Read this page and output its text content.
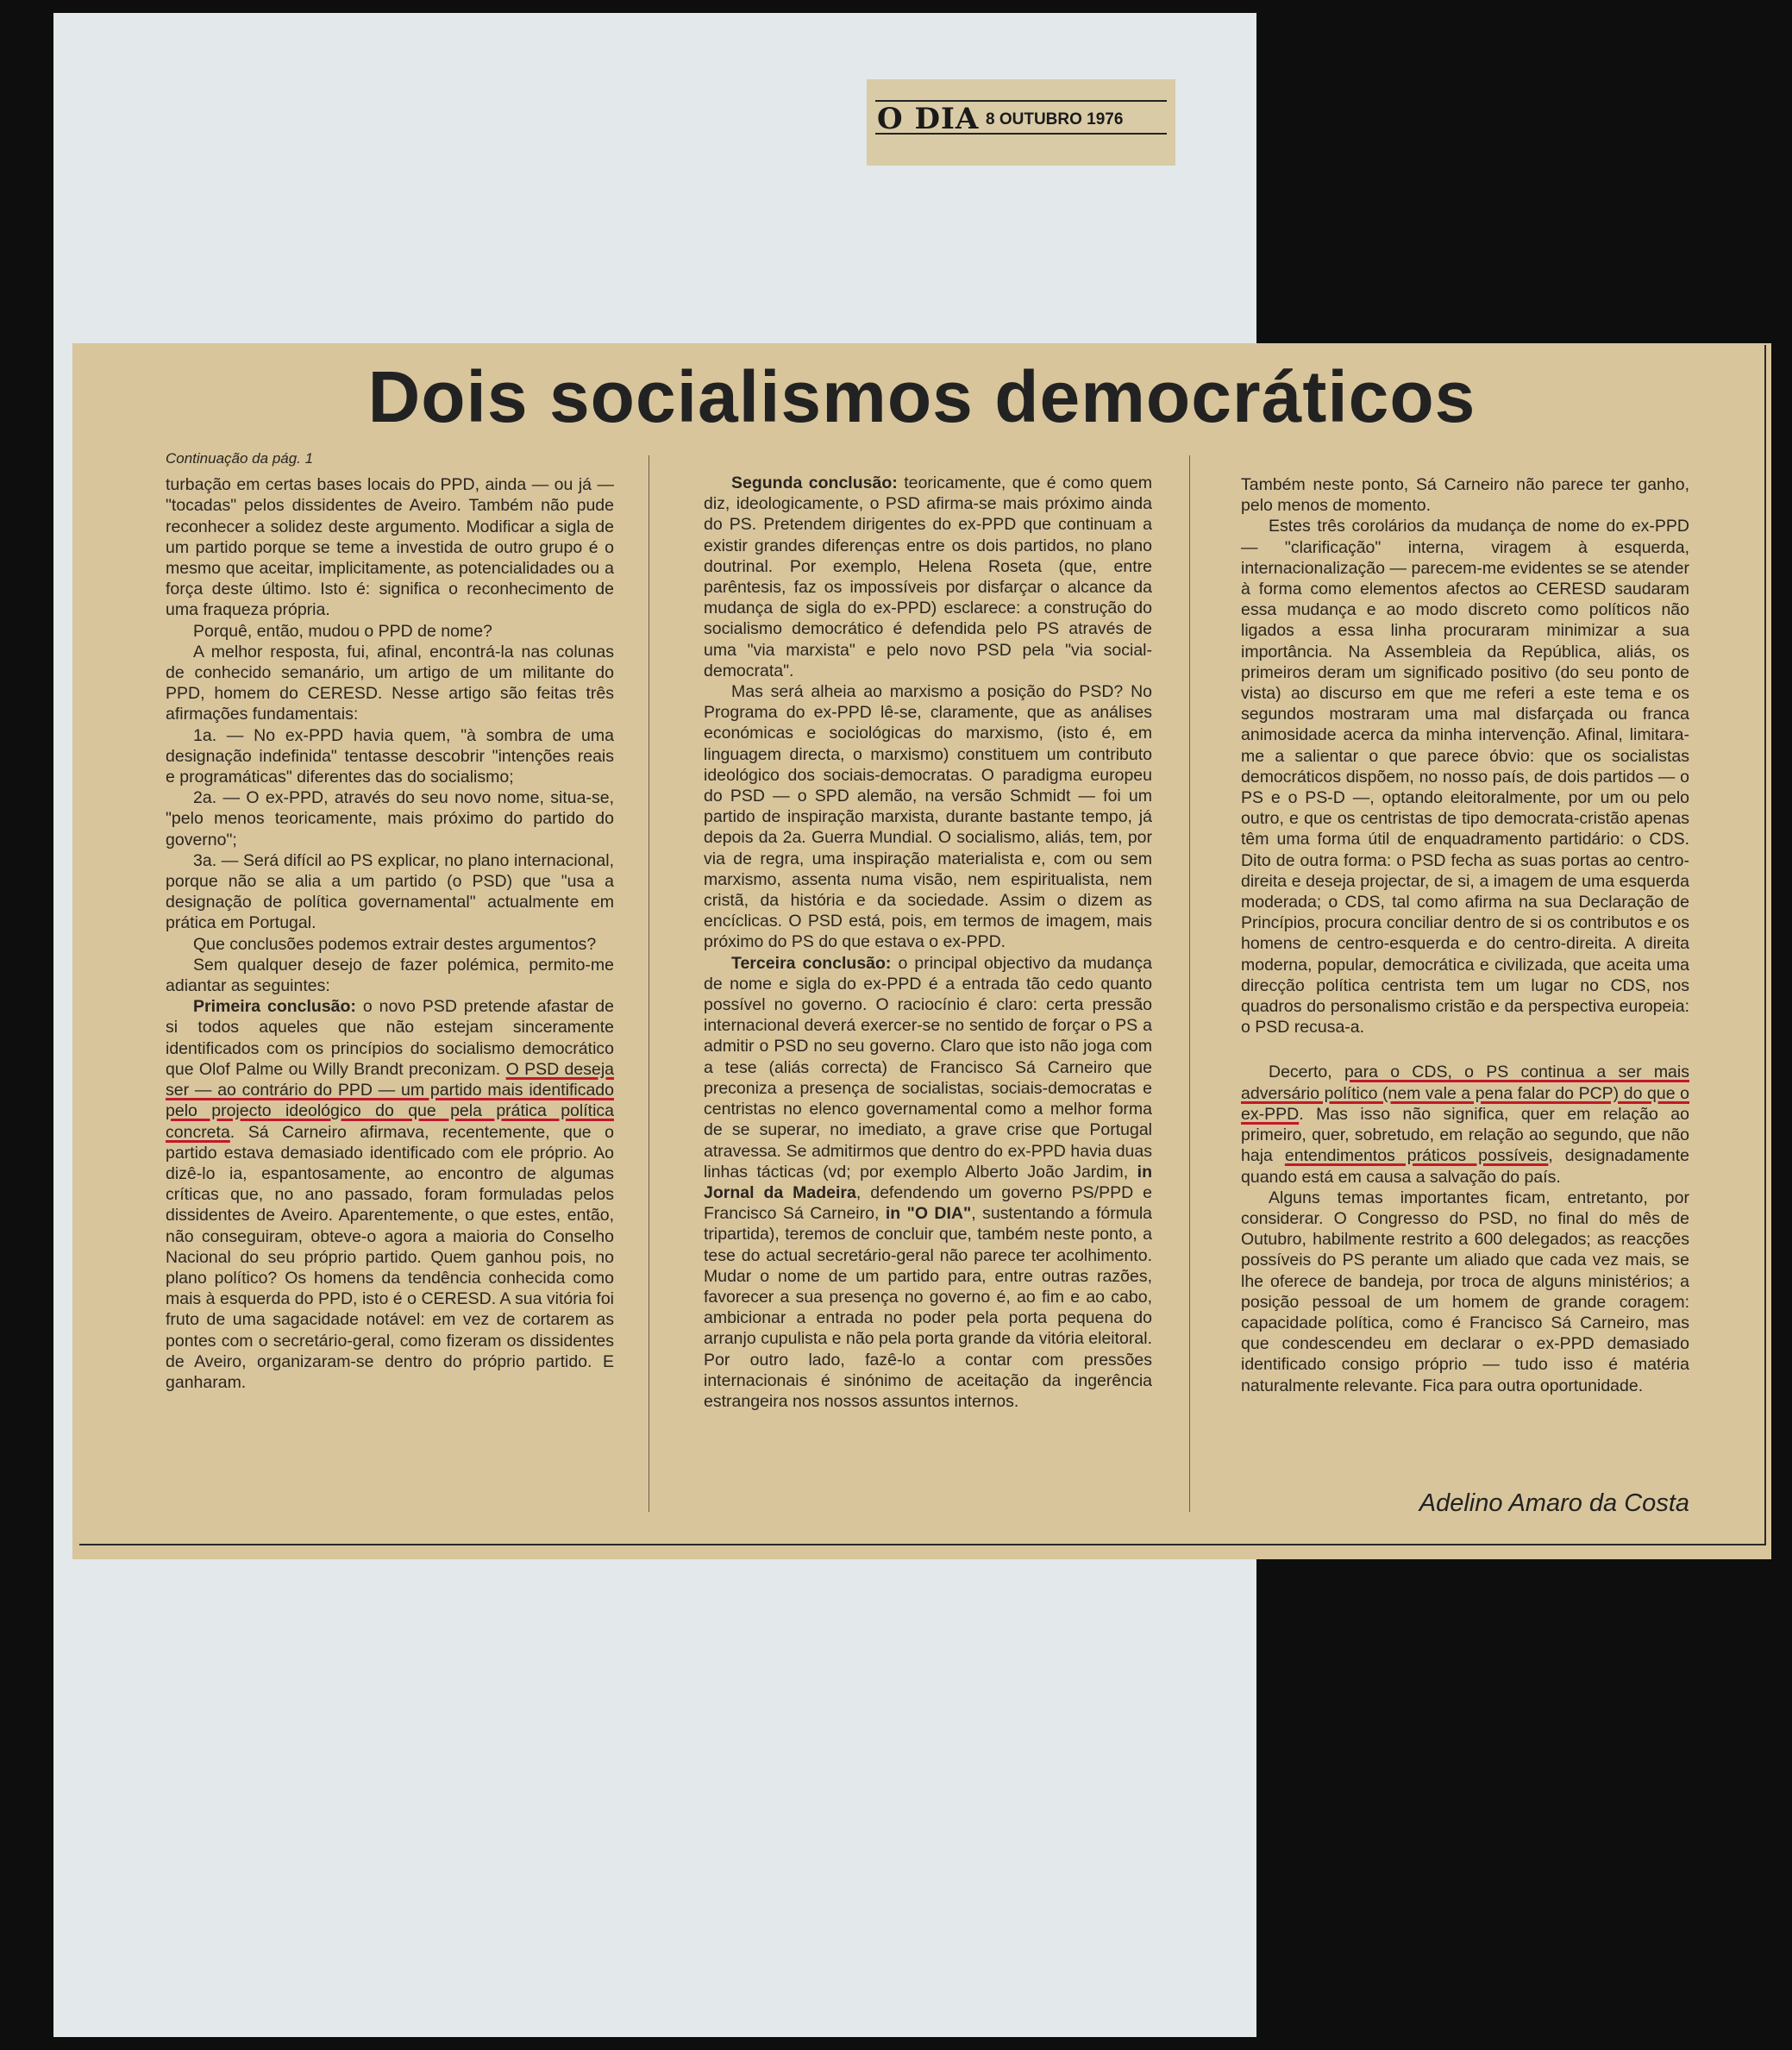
O DIA 8 OUTUBRO 1976
Dois socialismos democráticos

Continuação da pág. 1

turbação em certas bases locais do PPD, ainda — ou já — "tocadas" pelos dissidentes de Aveiro. Também não pude reconhecer a solidez deste argumento. Modificar a sigla de um partido porque se teme a investida de outro grupo é o mesmo que aceitar, implicitamente, as potencialidades ou a força deste último. Isto é: significa o reconhecimento de uma fraqueza própria.

Porquê, então, mudou o PPD de nome?

A melhor resposta, fui, afinal, encontrá-la nas colunas de conhecido semanário, um artigo de um militante do PPD, homem do CERESD. Nesse artigo são feitas três afirmações fundamentais:

1a. — No ex-PPD havia quem, "à sombra de uma designação indefinida" tentasse descobrir "intenções reais e programáticas" diferentes das do socialismo;

2a. — O ex-PPD, através do seu novo nome, situa-se, "pelo menos teoricamente, mais próximo do partido do governo";

3a. — Será difícil ao PS explicar, no plano internacional, porque não se alia a um partido (o PSD) que "usa a designação de política governamental" actualmente em prática em Portugal.

Que conclusões podemos extrair destes argumentos?

Sem qualquer desejo de fazer polémica, permito-me adiantar as seguintes:

Primeira conclusão: o novo PSD pretende afastar de si todos aqueles que não estejam sinceramente identificados com os princípios do socialismo democrático que Olof Palme ou Willy Brandt preconizam. O PSD deseja ser — ao contrário do PPD — um partido mais identificado pelo projecto ideológico do que pela prática política concreta. Sá Carneiro afirmava, recentemente, que o partido estava demasiado identificado com ele próprio. Ao dizê-lo ia, espantosamente, ao encontro de algumas críticas que, no ano passado, foram formuladas pelos dissidentes de Aveiro. Aparentemente, o que estes, então, não conseguiram, obteve-o agora a maioria do Conselho Nacional do seu próprio partido. Quem ganhou pois, no plano político? Os homens da tendência conhecida como mais à esquerda do PPD, isto é o CERESD. A sua vitória foi fruto de uma sagacidade notável: em vez de cortarem as pontes com o secretário-geral, como fizeram os dissidentes de Aveiro, organizaram-se dentro do próprio partido. E ganharam.

Segunda conclusão: teoricamente, que é como quem diz, ideologicamente, o PSD afirma-se mais próximo ainda do PS. Pretendem dirigentes do ex-PPD que continuam a existir grandes diferenças entre os dois partidos, no plano doutrinal. Por exemplo, Helena Roseta (que, entre parêntesis, faz os impossíveis por disfarçar o alcance da mudança de sigla do ex-PPD) esclarece: a construção do socialismo democrático é defendida pelo PS através de uma "via marxista" e pelo novo PSD pela "via social-democrata".

Mas será alheia ao marxismo a posição do PSD? No Programa do ex-PPD lê-se, claramente, que as análises económicas e sociológicas do marxismo, (isto é, em linguagem directa, o marxismo) constituem um contributo ideológico dos sociais-democratas. O paradigma europeu do PSD — o SPD alemão, na versão Schmidt — foi um partido de inspiração marxista, durante bastante tempo, já depois da 2a. Guerra Mundial. O socialismo, aliás, tem, por via de regra, uma inspiração materialista e, com ou sem marxismo, assenta numa visão, nem espiritualista, nem cristã, da história e da sociedade. Assim o dizem as encíclicas. O PSD está, pois, em termos de imagem, mais próximo do PS do que estava o ex-PPD.

Terceira conclusão: o principal objectivo da mudança de nome e sigla do ex-PPD é a entrada tão cedo quanto possível no governo. O raciocínio é claro: certa pressão internacional deverá exercer-se no sentido de forçar o PS a admitir o PSD no seu governo. Claro que isto não joga com a tese (aliás correcta) de Francisco Sá Carneiro que preconiza a presença de socialistas, sociais-democratas e centristas no elenco governamental como a melhor forma de se superar, no imediato, a grave crise que Portugal atravessa. Se admitirmos que dentro do ex-PPD havia duas linhas tácticas (vd; por exemplo Alberto João Jardim, in Jornal da Madeira, defendendo um governo PS/PPD e Francisco Sá Carneiro, in "O DIA", sustentando a fórmula tripartida), teremos de concluir que, também neste ponto, a tese do actual secretário-geral não parece ter acolhimento. Mudar o nome de um partido para, entre outras razões, favorecer a sua presença no governo é, ao fim e ao cabo, ambicionar a entrada no poder pela porta pequena do arranjo cupulista e não pela porta grande da vitória eleitoral. Por outro lado, fazê-lo a contar com pressões internacionais é sinónimo de aceitação da ingerência estrangeira nos nossos assuntos internos.

Também neste ponto, Sá Carneiro não parece ter ganho, pelo menos de momento.

Estes três corolários da mudança de nome do ex-PPD — "clarificação" interna, viragem à esquerda, internacionalização — parecem-me evidentes se se atender à forma como elementos afectos ao CERESD saudaram essa mudança e ao modo discreto como políticos não ligados a essa linha procuraram minimizar a sua importância. Na Assembleia da República, aliás, os primeiros deram um significado positivo (do seu ponto de vista) ao discurso em que me referi a este tema e os segundos mostraram uma mal disfarçada ou franca animosidade acerca da minha intervenção. Afinal, limitara-me a salientar o que parece óbvio: que os socialistas democráticos dispõem, no nosso país, de dois partidos — o PS e o PS-D —, optando eleitoralmente, por um ou pelo outro, e que os centristas de tipo democrata-cristão apenas têm uma forma útil de enquadramento partidário: o CDS. Dito de outra forma: o PSD fecha as suas portas ao centro-direita e deseja projectar, de si, a imagem de uma esquerda moderada; o CDS, tal como afirma na sua Declaração de Princípios, procura conciliar dentro de si os contributos e os homens de centro-esquerda e do centro-direita. A direita moderna, popular, democrática e civilizada, que aceita uma direcção política centrista tem um lugar no CDS, nos quadros do personalismo cristão e da perspectiva europeia: o PSD recusa-a.

Decerto, para o CDS, o PS continua a ser mais adversário político (nem vale a pena falar do PCP) do que o ex-PPD. Mas isso não significa, quer em relação ao primeiro, quer, sobretudo, em relação ao segundo, que não haja entendimentos práticos possíveis, designadamente quando está em causa a salvação do país.

Alguns temas importantes ficam, entretanto, por considerar. O Congresso do PSD, no final do mês de Outubro, habilmente restrito a 600 delegados; as reacções possíveis do PS perante um aliado que cada vez mais, se lhe oferece de bandeja, por troca de alguns ministérios; a posição pessoal de um homem de grande coragem: capacidade política, como é Francisco Sá Carneiro, mas que condescendeu em declarar o ex-PPD demasiado identificado consigo próprio — tudo isso é matéria naturalmente relevante. Fica para outra oportunidade.

Adelino Amaro da Costa
